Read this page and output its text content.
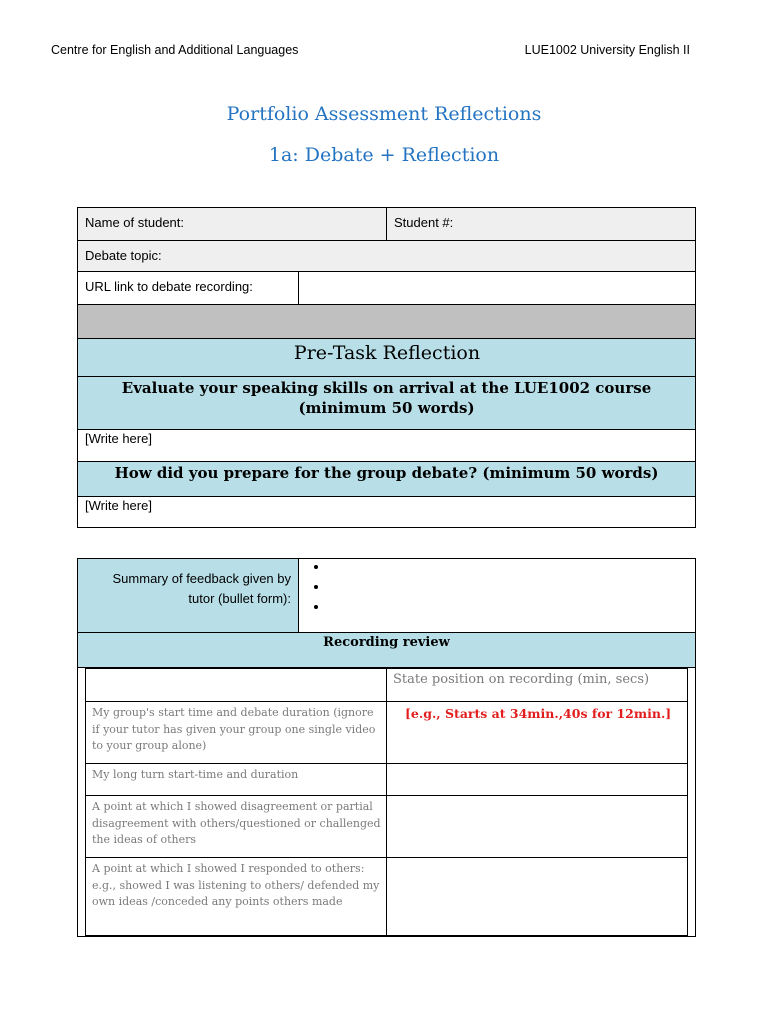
Centre for English and Additional Languages	LUE1002 University English II
Portfolio Assessment Reflections
1a: Debate + Reflection
Name of student:		Student #:
Debate topic:		
URL link to debate recording:		

Pre-Task Reflection		
Evaluate your speaking skills on arrival at the LUE1002 course (minimum 50 words)		
[Write here]		
How did you prepare for the group debate? (minimum 50 words)		
[Write here]		
Summary of feedback given by tutor (bullet form):	
•
•
•

Recording review

	State position on recording (min, secs)
My group's start time and debate duration (ignore if your tutor has given your group one single video to your group alone)	[e.g., Starts at 34min.,40s for 12min.]
My long turn start-time and duration	
A point at which I showed disagreement or partial disagreement with others/questioned or challenged the ideas of others	
A point at which I showed I responded to others: e.g., showed I was listening to others/ defended my own ideas /conceded any points others made	
